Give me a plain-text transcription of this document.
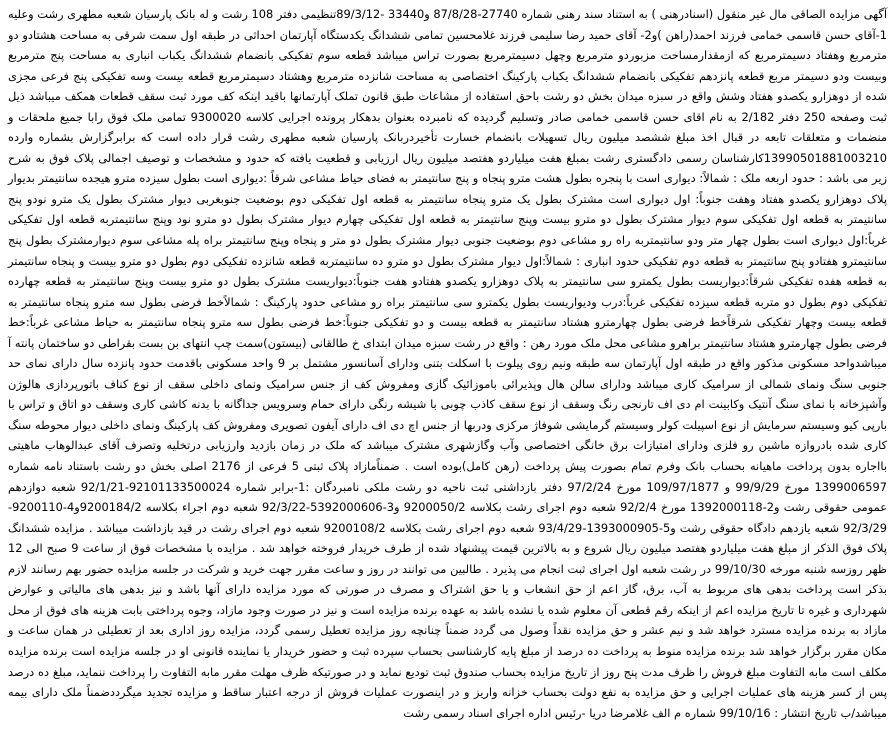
آگهی مزایده الصاقی مال غیر منقول (اسنادرهنی ) به استناد سند رهنی شماره 27740-87/8/28 و33440 -89/3/12تنظیمی دفتر 108 رشت و له بانک پارسیان شعبه مطهری رشت وعلیه 1-آقای حسن قاسمی خمامی فرزند احمد(راهن )و2- آقای حمید رضا سلیمی فرزند غلامحسین تمامی ششدانگ یکدستگاه آپارتمان احداثی در طبقه اول سمت شرقی به مساحت هشتادو دو مترمربع وهفتاد دسیمترمربع که ازمقدارمساحت مزبوردو مترمربع وچهل دسیمترمربع بصورت تراس میباشد قطعه سوم تفکیکی بانضمام ششدانگ یکباب انباری به مساحت پنج مترمربع وبیست ودو دسیمتر مربع قطعه پانزدهم تفکیکی بانضمام ششدانگ یکباب پارکینگ اختصاصی به مساحت شانزده مترمربع وهشتاد دسیمترمربع قطعه بیست وسه تفکیکی پنج فرعی مجزی شده از دوهزارو یکصدو هفتاد وشش واقع در سبزه میدان بخش دو رشت باحق استفاده از مشاعات طبق قانون تملک آپارتمانها باقید اینکه کف مورد ثبت سقف قطعات همکف میباشد ذیل ثبت وصفحه 250 دفتر 2/182 به نام اقای حسن قاسمی خمامی صادر وتسلیم گردیده که نامبرده بعنوان بدهکار پرونده اجرایی کلاسه 9300020 تمامی ملک فوق رابا جمیع ملحقات و منضمات و متعلقات تابعه در قبال اخذ مبلغ ششصد میلیون ریال تسهیلات بانضمام خسارت تأخیردربانک پارسیان شعبه مطهری رشت قرار داده است که برابرگزارش بشماره وارده 13990501881003210کارشناسان رسمی دادگستری رشت بمبلغ هفت میلیاردو هفتصد میلیون ریال ارزیابی و قطعیت یافته که حدود و مشخصات و توصیف اجمالی پلاک فوق به شرح زیر می باشد : حدود اربعه ملک : شمالاً: دیواری است با پنجره بطول هشت مترو پنجاه و پنج سانتیمتر به فضای حیاط مشاعی شرقاً :دیواری است بطول سیزده مترو هیجده سانتیمتر بدیوار پلاک دوهزارو یکصدو هفتاد وهفت جنوباً: اول دیواری است مشترک بطول یک مترو پنجاه سانتیمتر به قطعه اول تفکیکی دوم بوضعیت جنوبغربی دیوار مشترک بطول یک مترو نودو پنج سانتیمتر به قطعه اول تفکیکی سوم دیوار مشترک بطول دو مترو بیست وپنج سانتیمتر به قطعه اول تفکیکی چهارم دیوار مشترک بطول دو مترو نود وپنج سانتیمتربه قطعه اول تفکیکی غرباً:اول دیواری است بطول چهار متر ودو سانتیمتربه راه رو مشاعی دوم بوضعیت جنوبی دیوار مشترک بطول دو متر و پنجاه وپنج سانتیمتر براه پله مشاعی سوم دیوارمشترک بطول پنج سانتیمترو هفتادو پنج سانتیمتر به قطعه دوم تفکیکی حدود انباری : شمالاً:اول دیوار مشترک بطول دو مترو ده سانتیمتربه قطعه شانزده تفکیکی دوم بطول دو مترو بیست و پنجاه سانتیمتر به قطعه هفده تفکیکی شرقاً:دیواریست بطول یکمترو سی سانتیمتر به پلاک دوهزارو یکصدو هفتادو هفت جنوباً:دیواریست مشترک بطول دو مترو بیست وپنج سانتیمتر به قطعه چهارده تفکیکی دوم بطول دو متربه قطعه سیزده تفکیکی غرباً:درب ودیواریست بطول یکمترو سی سانتیمتر براه رو مشاعی حدود پارکینگ : شمالاًخط فرضی بطول سه مترو پنجاه سانتیمتر به قطعه بیست وچهار تفکیکی شرقاًخط فرضی بطول چهارمترو هشتاد سانتیمتر به قطعه بیست و دو تفکیکی جنوباً:خط فرضی بطول سه مترو پنجاه سانتیمتر به حیاط مشاعی غرباً:خط فرضی بطول چهارمترو هشتاد سانتیمتر براهرو مشاعی محل ملک مورد رهن : واقع در رشت سبزه میدان ابتدای خ طالقانی (بیستون)سمت چپ انتهای بن بست بقراطی دو ساختمان پانته آ میباشدواحد مسکونی مذکور واقع در طبقه اول آپارتمان سه طبقه ونیم روی پیلوت با اسکلت بتنی ودارای آسانسور مشتمل بر 9 واحد مسکونی باقدمت حدود پانزده سال دارای نمای حد جنوبی سنگ ونمای شمالی از سرامیک کاری میباشد ودارای سالن هال وپذیرائی باموزائیک گازی ومفروش کف از جنس سرامیک ونمای داخلی سقف از نوع کناف باتورپردازی هالوژن وآشپزخانه با نمای سنگ آنتیک وکابینت ام دی اف تارنجی رنگ وسقف از نوع سقف کاذب چوبی با شیشه رنگی دارای حمام وسرویس جداگانه با بدنه کاشی کاری وسقف دو اتاق و تراس با بارپی کیو وسیستم سرمایش از نوع اسپیلت کولر وسیستم گرمایشی شوفاژ مرکزی ودربها از جنس اچ دی اف دارای آیفون تصویری ومفروش کف پارکینگ ونمای داخلی دیوار محوطه سنگ کاری شده بادروازه ماشین رو فلزی ودارای امتیازات برق خانگی اختصاصی وآب وگازشهری مشترک میباشد که ملک در زمان بازدید وارزیابی درتخلیه وتصرف آقای عبدالوهاب ماهیتی بااجاره بدون پرداخت ماهیانه بحساب بانک وفرم تمام بصورت پیش پرداخت (رهن کامل)بوده است . ضمناًمازاد پلاک ثبتی 5 فرعی از 2176 اصلی بخش دو رشت باستناد نامه شماره 1399006597 مورخ 99/9/29 و 109/97/1877 مورخ 97/2/24 دفتر بازداشتی ثبت ناحیه دو رشت ملکی نامبردگان :1-برابر شماره 92101133500024-92/1/21 شعبه دوازدهم عمومی حقوقی رشت و2-1392000118 مورخ 92/2/4 شعبه دوم اجرای رشت بکلاسه 9200050/2 و3-5392000606-92/3/22 شعبه دوم اجراء بکلاسه 9200184/2و4-9200110-92/3/29 شعبه یازدهم دادگاه حقوقی رشت و5-1393000905-93/4/29 شعبه دوم اجرای رشت بکلاسه 9200108/2 شعبه دوم اجرای رشت در قید بازداشت میباشد . مزایده ششدانگ پلاک فوق الذکر از مبلغ هفت میلیاردو هفتصد میلیون ریال شروع و به بالاترین قیمت پیشنهاد شده از طرف خریدار فروخته خواهد شد . مزایده با مشخصات فوق از ساعت 9 صبح الی 12 ظهر روزسه شنبه مورخه 99/10/30 در رشت شعبه اول اجرای ثبت انجام می پذیرد . طالبین می توانند در روز و ساعت مقرر جهت خرید و شرکت در جلسه مزایده حضور بهم رسانند لازم بذکر است پرداخت بدهی های مربوط به آب، برق، گاز اعم از حق انشعاب و یا حق اشتراک و مصرف در صورتی که مورد مزایده دارای آنها باشد و نیز بدهی های مالیاتی و عوارض شهرداری و غیره تا تاریخ مزایده اعم از اینکه رقم قطعی آن معلوم شده یا نشده باشد به عهده برنده مزایده است و نیز در صورت وجود مازاد، وجوه پرداختی بابت هزینه های فوق از محل مازاد به برنده مزایده مسترد خواهد شد و نیم عشر و حق مزایده نقداً وصول می گردد ضمناً چنانچه روز مزایده تعطیل رسمی گردد، مزایده روز اداری بعد از تعطیلی در همان ساعت و مکان مقرر برگزار خواهد شد برنده مزایده منوط به پرداخت ده درصد از مبلغ پایه کارشناسی بحساب سپرده ثبت و حضور خریدار یا نماینده قانونی او در جلسه مزایده است برنده مزایده مکلف است مابه التفاوت مبلغ فروش را ظرف مدت پنج روز از تاریخ مزایده بحساب صندوق ثبت تودیع نماید و در صورتیکه ظرف مهلت مقرر مابه التفاوت را پرداخت ننماید، مبلغ ده درصد پس از کسر هزینه های عملیات اجرایی و حق مزایده به نفع دولت بحساب خزانه واریز و در اینصورت عملیات فروش از درجه اعتبار ساقط و مزایده تجدید میگرددضمناً ملک دارای بیمه میباشد/ب تاریخ انتشار : 99/10/16 شماره م الف غلامرضا دریا -رئیس اداره اجرای اسناد رسمی رشت
